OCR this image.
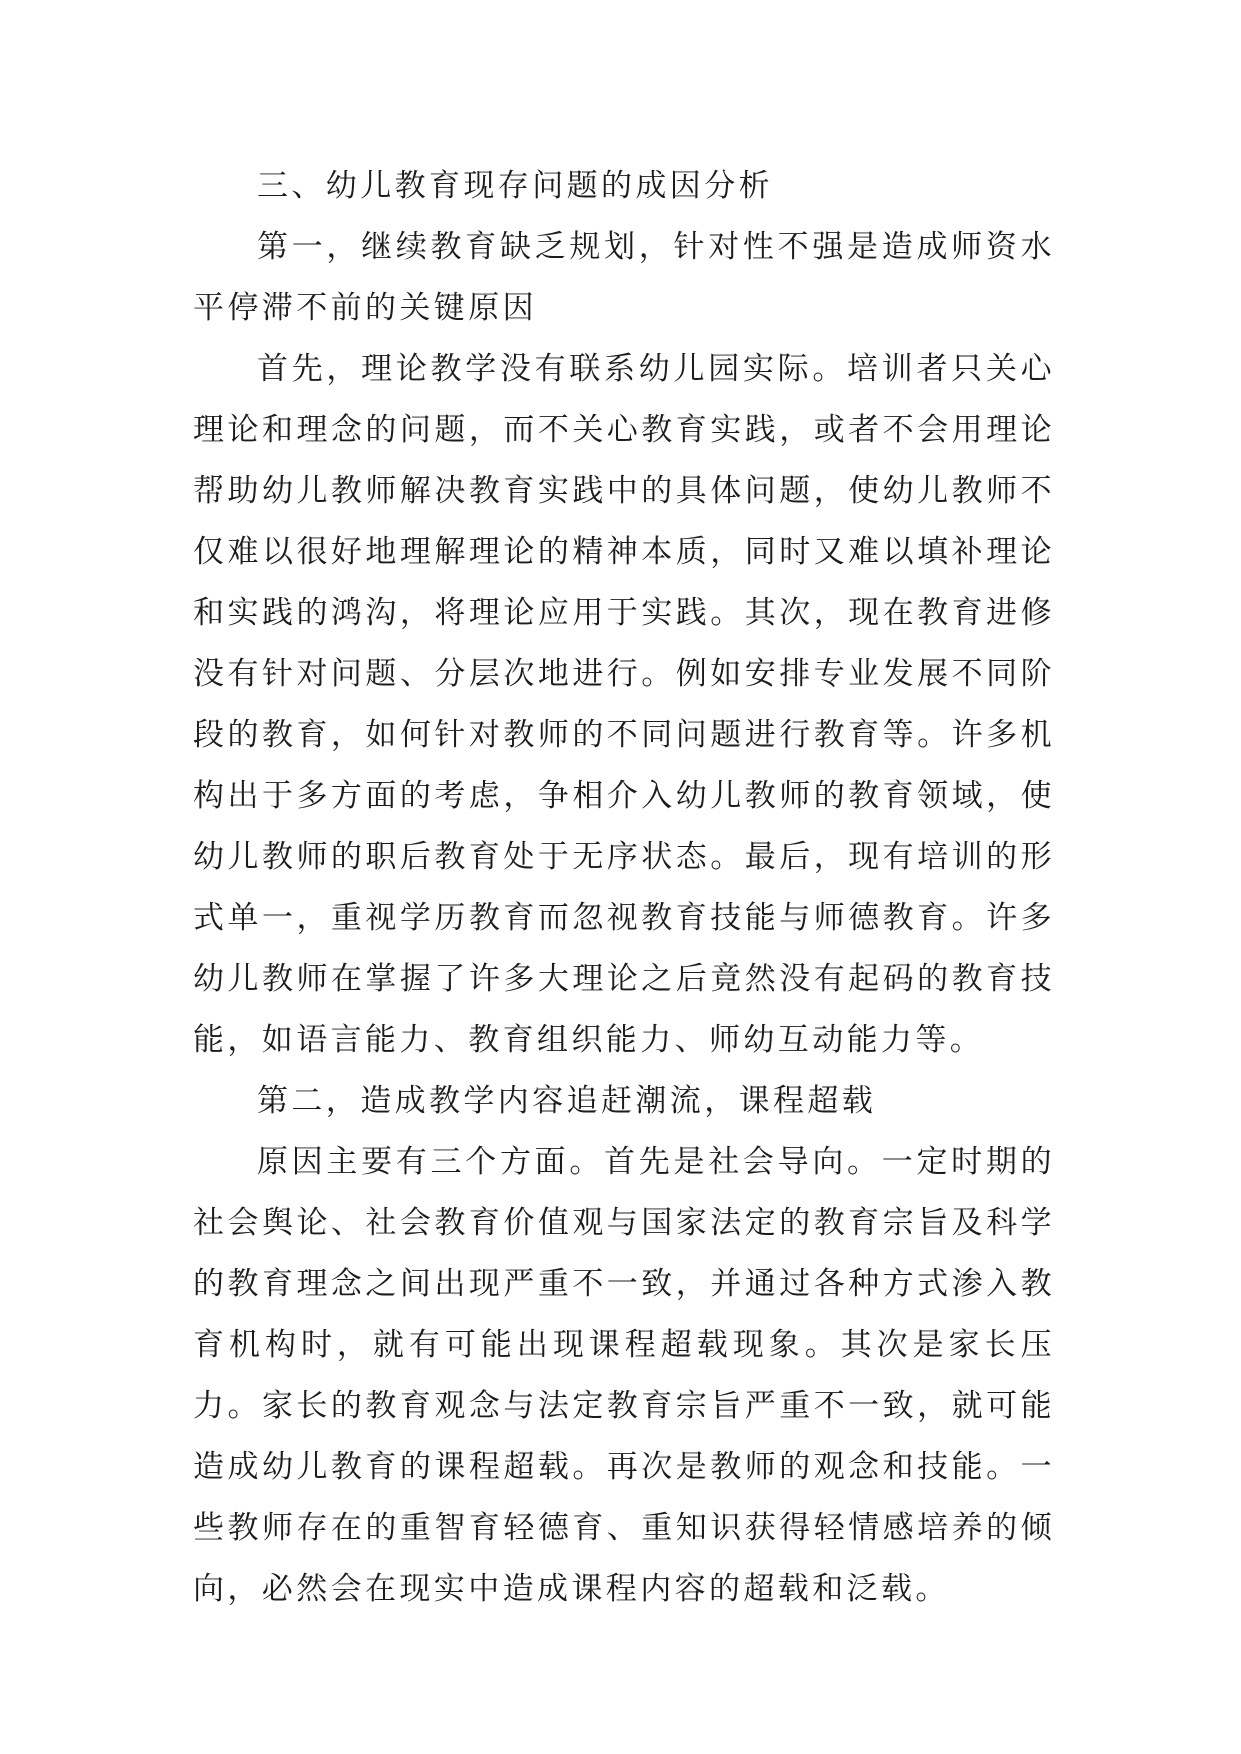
三、幼儿教育现存问题的成因分析

第一，继续教育缺乏规划，针对性不强是造成师资水平停滞不前的关键原因

首先，理论教学没有联系幼儿园实际。培训者只关心理论和理念的问题，而不关心教育实践，或者不会用理论帮助幼儿教师解决教育实践中的具体问题，使幼儿教师不仅难以很好地理解理论的精神本质，同时又难以填补理论和实践的鸿沟，将理论应用于实践。其次，现在教育进修没有针对问题、分层次地进行。例如安排专业发展不同阶段的教育，如何针对教师的不同问题进行教育等。许多机构出于多方面的考虑，争相介入幼儿教师的教育领域，使幼儿教师的职后教育处于无序状态。最后，现有培训的形式单一，重视学历教育而忽视教育技能与师德教育。许多幼儿教师在掌握了许多大理论之后竟然没有起码的教育技能，如语言能力、教育组织能力、师幼互动能力等。

第二，造成教学内容追赶潮流，课程超载

原因主要有三个方面。首先是社会导向。一定时期的社会舆论、社会教育价值观与国家法定的教育宗旨及科学的教育理念之间出现严重不一致，并通过各种方式渗入教育机构时，就有可能出现课程超载现象。其次是家长压力。家长的教育观念与法定教育宗旨严重不一致，就可能造成幼儿教育的课程超载。再次是教师的观念和技能。一些教师存在的重智育轻德育、重知识获得轻情感培养的倾向，必然会在现实中造成课程内容的超载和泛载。
